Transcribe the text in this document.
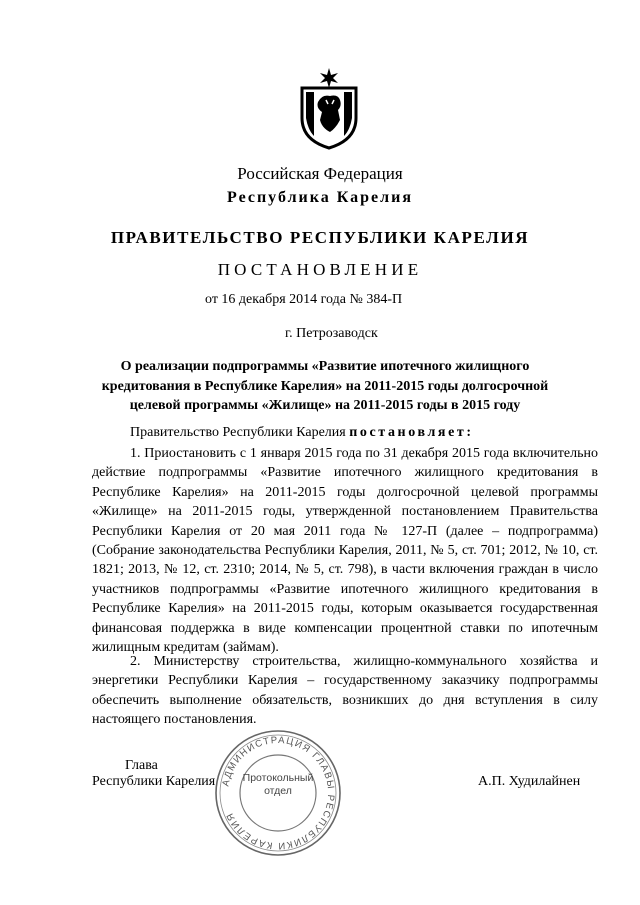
Российская Федерация
Республика Карелия
ПРАВИТЕЛЬСТВО РЕСПУБЛИКИ КАРЕЛИЯ
ПОСТАНОВЛЕНИЕ
от 16 декабря 2014 года № 384-П
г. Петрозаводск
О реализации подпрограммы «Развитие ипотечного жилищного кредитования в Республике Карелия» на 2011-2015 годы долгосрочной целевой программы «Жилище» на 2011-2015 годы в 2015 году
Правительство Республики Карелия постановляет:

1. Приостановить с 1 января 2015 года по 31 декабря 2015 года включительно действие подпрограммы «Развитие ипотечного жилищного кредитования в Республике Карелия» на 2011-2015 годы долгосрочной целевой программы «Жилище» на 2011-2015 годы, утвержденной постановлением Правительства Республики Карелия от 20 мая 2011 года № 127-П (далее – подпрограмма) (Собрание законодательства Республики Карелия, 2011, № 5, ст. 701; 2012, № 10, ст. 1821; 2013, № 12, ст. 2310; 2014, № 5, ст. 798), в части включения граждан в число участников подпрограммы «Развитие ипотечного жилищного кредитования в Республике Карелия» на 2011-2015 годы, которым оказывается государственная финансовая поддержка в виде компенсации процентной ставки по ипотечным жилищным кредитам (займам).

2. Министерству строительства, жилищно-коммунального хозяйства и энергетики Республики Карелия – государственному заказчику подпрограммы обеспечить выполнение обязательств, возникших до дня вступления в силу настоящего постановления.

Глава
Республики Карелия	А.П. Худилайнен
АДМИНИСТРАЦИЯ ГЛАВЫ РЕСПУБЛИКИ КАРЕЛИЯ
Протокольный
отдел
